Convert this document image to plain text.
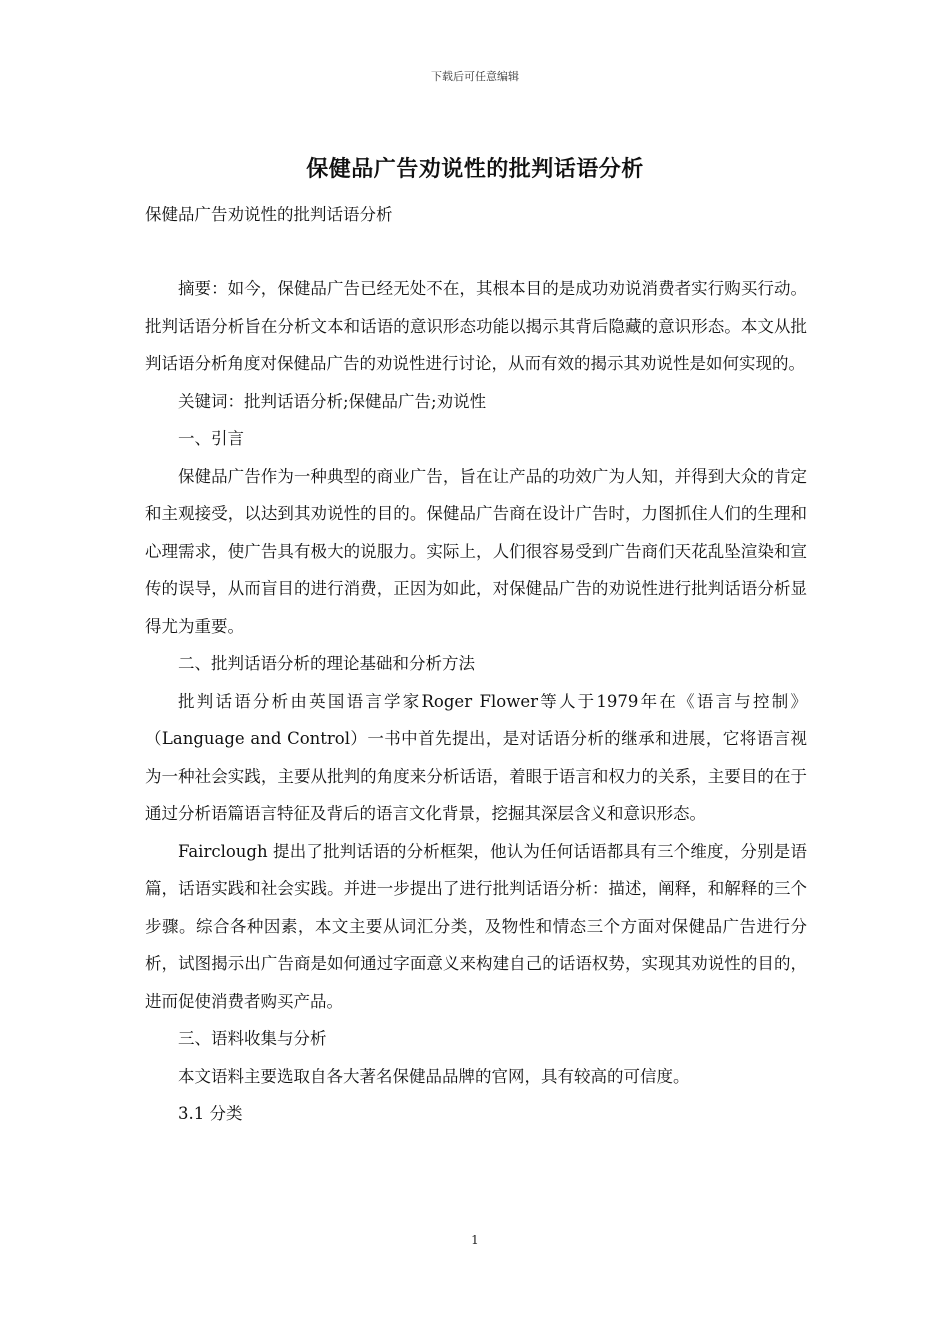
下载后可任意编辑
保健品广告劝说性的批判话语分析
保健品广告劝说性的批判话语分析

摘要：如今，保健品广告已经无处不在，其根本目的是成功劝说消费者实行购买行动。批判话语分析旨在分析文本和话语的意识形态功能以揭示其背后隐藏的意识形态。本文从批判话语分析角度对保健品广告的劝说性进行讨论，从而有效的揭示其劝说性是如何实现的。

关键词：批判话语分析;保健品广告;劝说性

一、引言

保健品广告作为一种典型的商业广告，旨在让产品的功效广为人知，并得到大众的肯定和主观接受，以达到其劝说性的目的。保健品广告商在设计广告时，力图抓住人们的生理和心理需求，使广告具有极大的说服力。实际上，人们很容易受到广告商们天花乱坠渲染和宣传的误导，从而盲目的进行消费，正因为如此，对保健品广告的劝说性进行批判话语分析显得尤为重要。

二、批判话语分析的理论基础和分析方法

批判话语分析由英国语言学家Roger Flower等人于1979年在《语言与控制》（Language and Control）一书中首先提出，是对话语分析的继承和进展，它将语言视为一种社会实践，主要从批判的角度来分析话语，着眼于语言和权力的关系，主要目的在于通过分析语篇语言特征及背后的语言文化背景，挖掘其深层含义和意识形态。

Fairclough 提出了批判话语的分析框架，他认为任何话语都具有三个维度，分别是语篇，话语实践和社会实践。并进一步提出了进行批判话语分析：描述，阐释，和解释的三个步骤。综合各种因素，本文主要从词汇分类，及物性和情态三个方面对保健品广告进行分析，试图揭示出广告商是如何通过字面意义来构建自己的话语权势，实现其劝说性的目的，进而促使消费者购买产品。

三、语料收集与分析

本文语料主要选取自各大著名保健品品牌的官网，具有较高的可信度。

3.1 分类

1
